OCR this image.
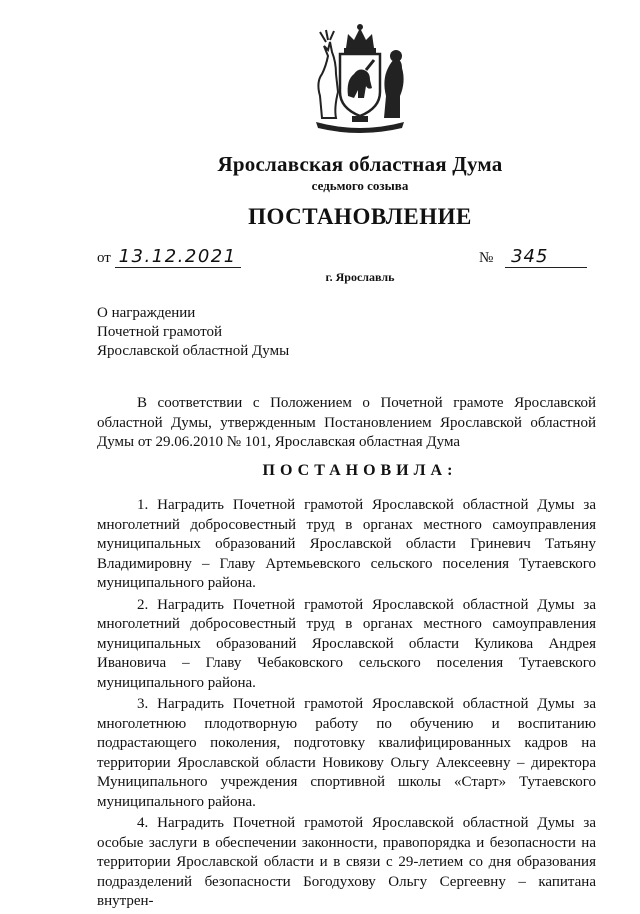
Ярославская областная Дума
седьмого созыва
ПОСТАНОВЛЕНИЕ
от 13.12.2021	№ 345
г. Ярославль
О награждении
Почетной грамотой
Ярославской областной Думы
В соответствии с Положением о Почетной грамоте Ярославской областной Думы, утвержденным Постановлением Ярославской областной Думы от 29.06.2010 № 101, Ярославская областная Дума
ПОСТАНОВИЛА:

1. Наградить Почетной грамотой Ярославской областной Думы за многолетний добросовестный труд в органах местного самоуправления муниципальных образований Ярославской области Гриневич Татьяну Владимировну – Главу Артемьевского сельского поселения Тутаевского муниципального района.

2. Наградить Почетной грамотой Ярославской областной Думы за многолетний добросовестный труд в органах местного самоуправления муниципальных образований Ярославской области Куликова Андрея Ивановича – Главу Чебаковского сельского поселения Тутаевского муниципального района.

3. Наградить Почетной грамотой Ярославской областной Думы за многолетнюю плодотворную работу по обучению и воспитанию подрастающего поколения, подготовку квалифицированных кадров на территории Ярославской области Новикову Ольгу Алексеевну – директора Муниципального учреждения спортивной школы «Старт» Тутаевского муниципального района.

4. Наградить Почетной грамотой Ярославской областной Думы за особые заслуги в обеспечении законности, правопорядка и безопасности на территории Ярославской области и в связи с 29-летием со дня образования подразделений безопасности Богодухову Ольгу Сергеевну – капитана внутрен-
